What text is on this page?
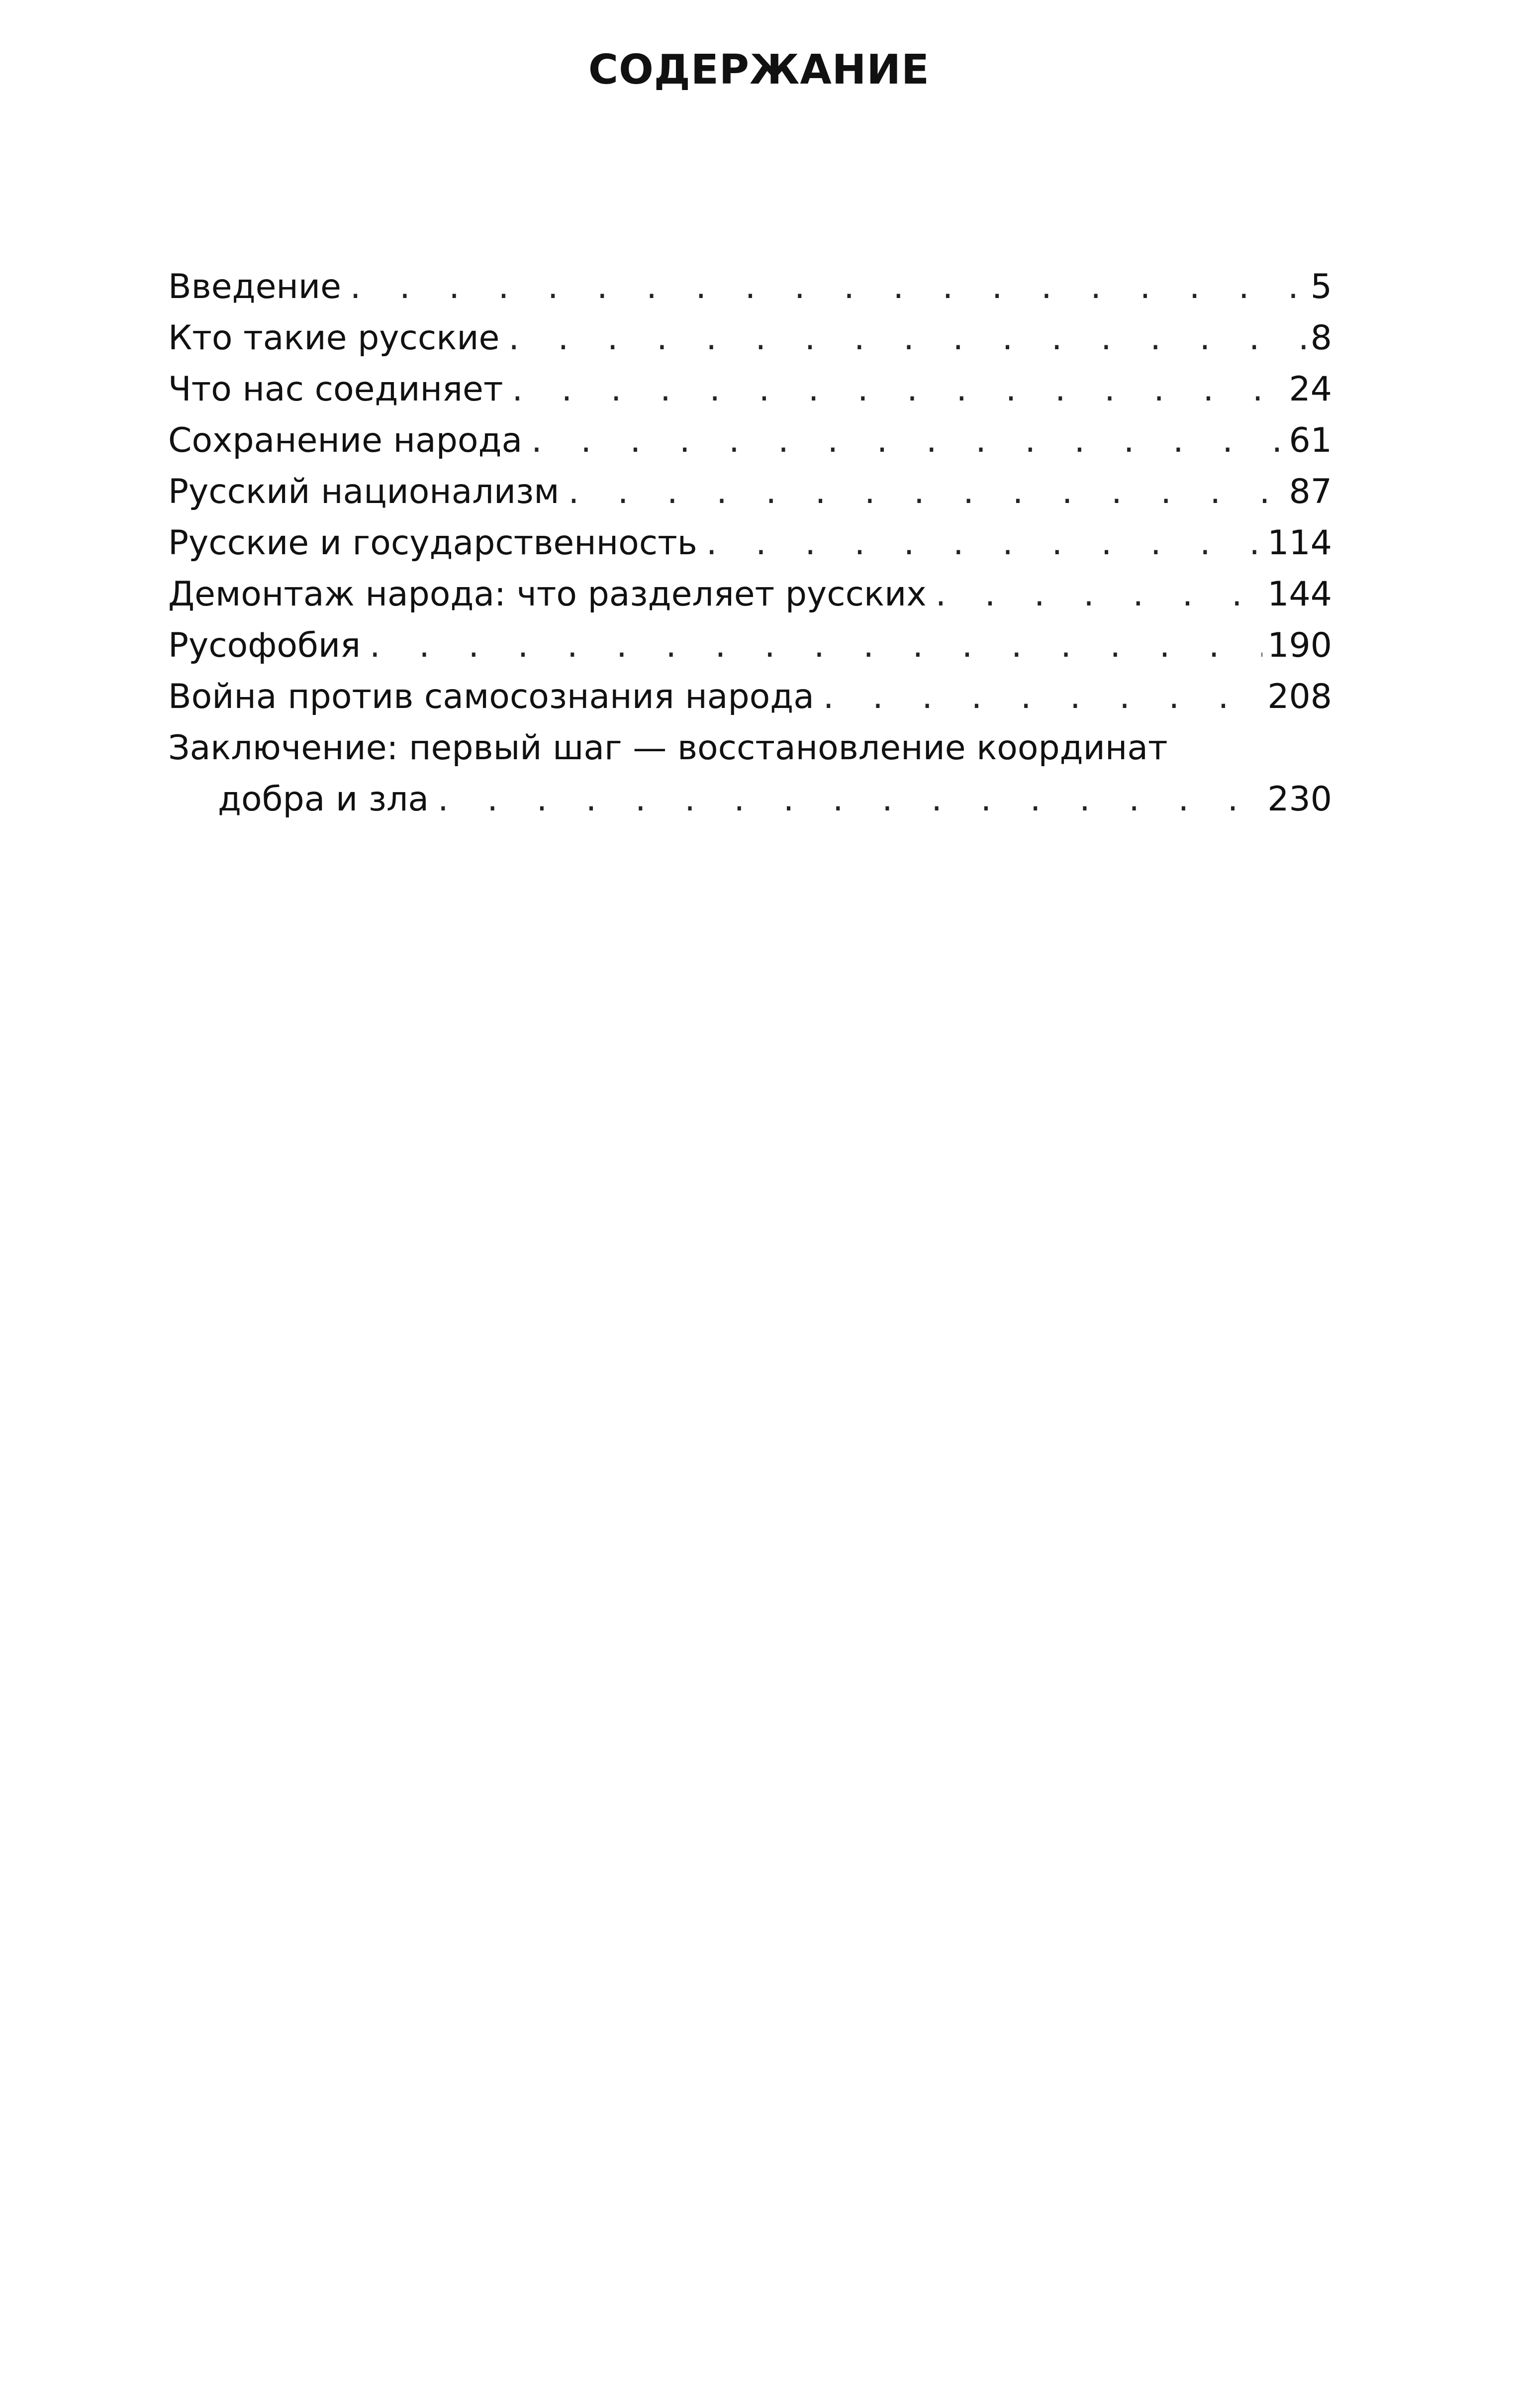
СОДЕРЖАНИЕ
Введение . . .	5
Кто такие русские . . .	8
Что нас соединяет . . .	24
Сохранение народа . . .	61
Русский национализм . . .	87
Русские и государственность . . .	114
Демонтаж народа: что разделяет русских . . .	144
Русофобия . . .	190
Война против самосознания народа . . .	208
Заключение: первый шаг — восстановление координат
добра и зла . . .	230
